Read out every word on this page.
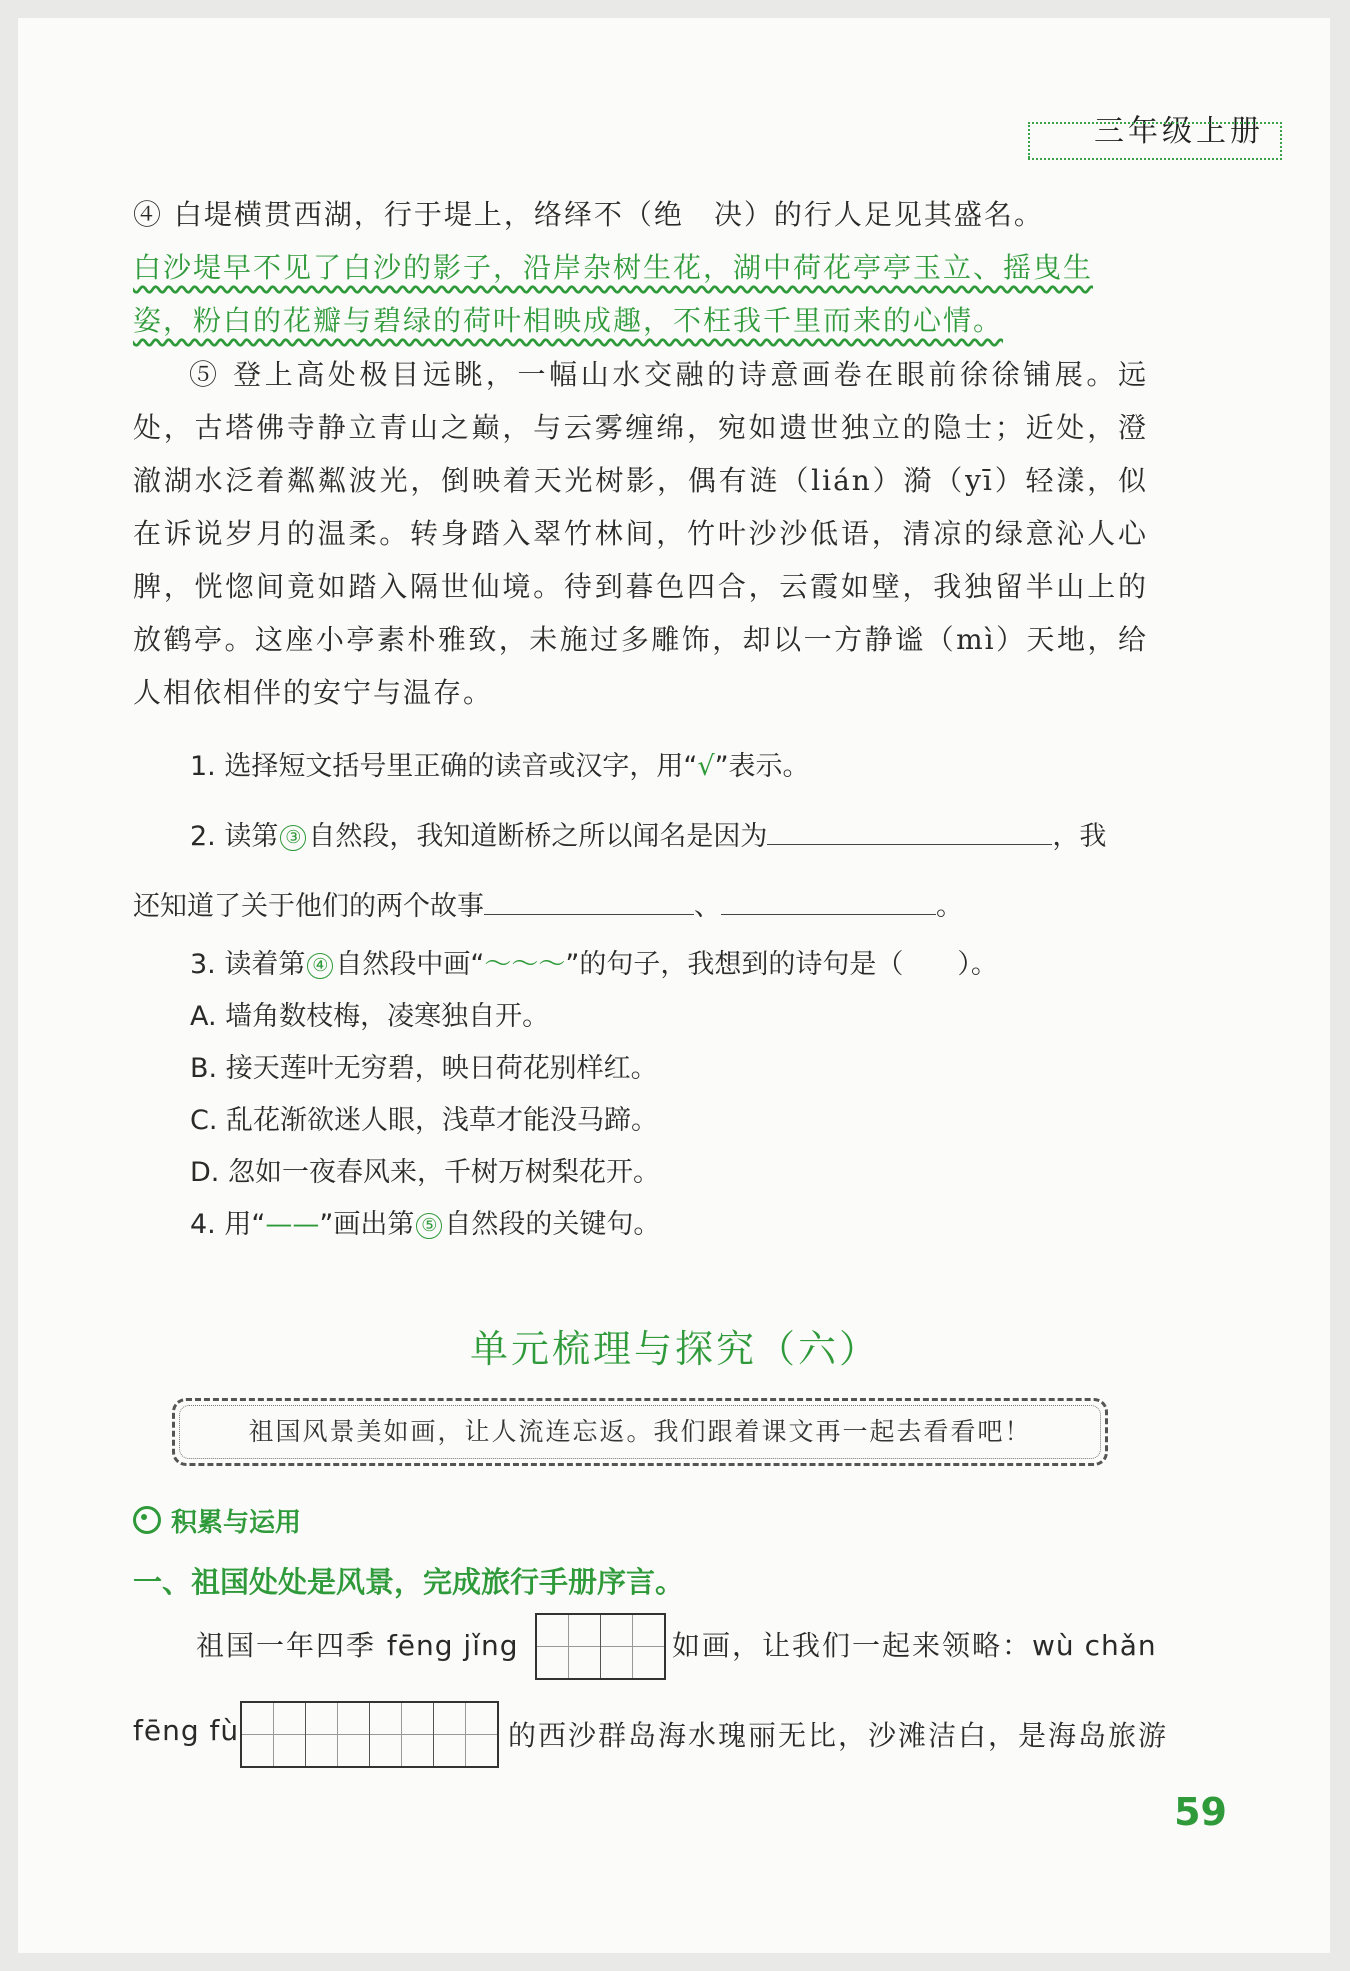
三年级上册
④ 白堤横贯西湖，行于堤上，络绎不（绝　决）的行人足见其盛名。
白沙堤早不见了白沙的影子，沿岸杂树生花，湖中荷花亭亭玉立、摇曳生
姿，粉白的花瓣与碧绿的荷叶相映成趣，不枉我千里而来的心情。
⑤ 登上高处极目远眺，一幅山水交融的诗意画卷在眼前徐徐铺展。远处，古塔佛寺静立青山之巅，与云雾缠绵，宛如遗世独立的隐士；近处，澄澈湖水泛着粼粼波光，倒映着天光树影，偶有涟（lián）漪（yī）轻漾，似在诉说岁月的温柔。转身踏入翠竹林间，竹叶沙沙低语，清凉的绿意沁人心脾，恍惚间竟如踏入隔世仙境。待到暮色四合，云霞如壁，我独留半山上的放鹤亭。这座小亭素朴雅致，未施过多雕饰，却以一方静谧（mì）天地，给人相依相伴的安宁与温存。
1. 选择短文括号里正确的读音或汉字，用“√”表示。
2. 读第 ③ 自然段，我知道断桥之所以闻名是因为	，我
还知道了关于他们的两个故事	、	。
3. 读着第 ④ 自然段中画“～～～”的句子，我想到的诗句是（　　）。
A. 墙角数枝梅，凌寒独自开。
B. 接天莲叶无穷碧，映日荷花别样红。
C. 乱花渐欲迷人眼，浅草才能没马蹄。
D. 忽如一夜春风来，千树万树梨花开。
4. 用“——”画出第 ⑤ 自然段的关键句。
单元梳理与探究（六）
祖国风景美如画，让人流连忘返。我们跟着课文再一起去看看吧！
积累与运用
一、祖国处处是风景，完成旅行手册序言。
祖国一年四季 fēng jǐng	如画，让我们一起来领略：wù chǎn
fēng fù	的西沙群岛海水瑰丽无比，沙滩洁白，是海岛旅游
59
